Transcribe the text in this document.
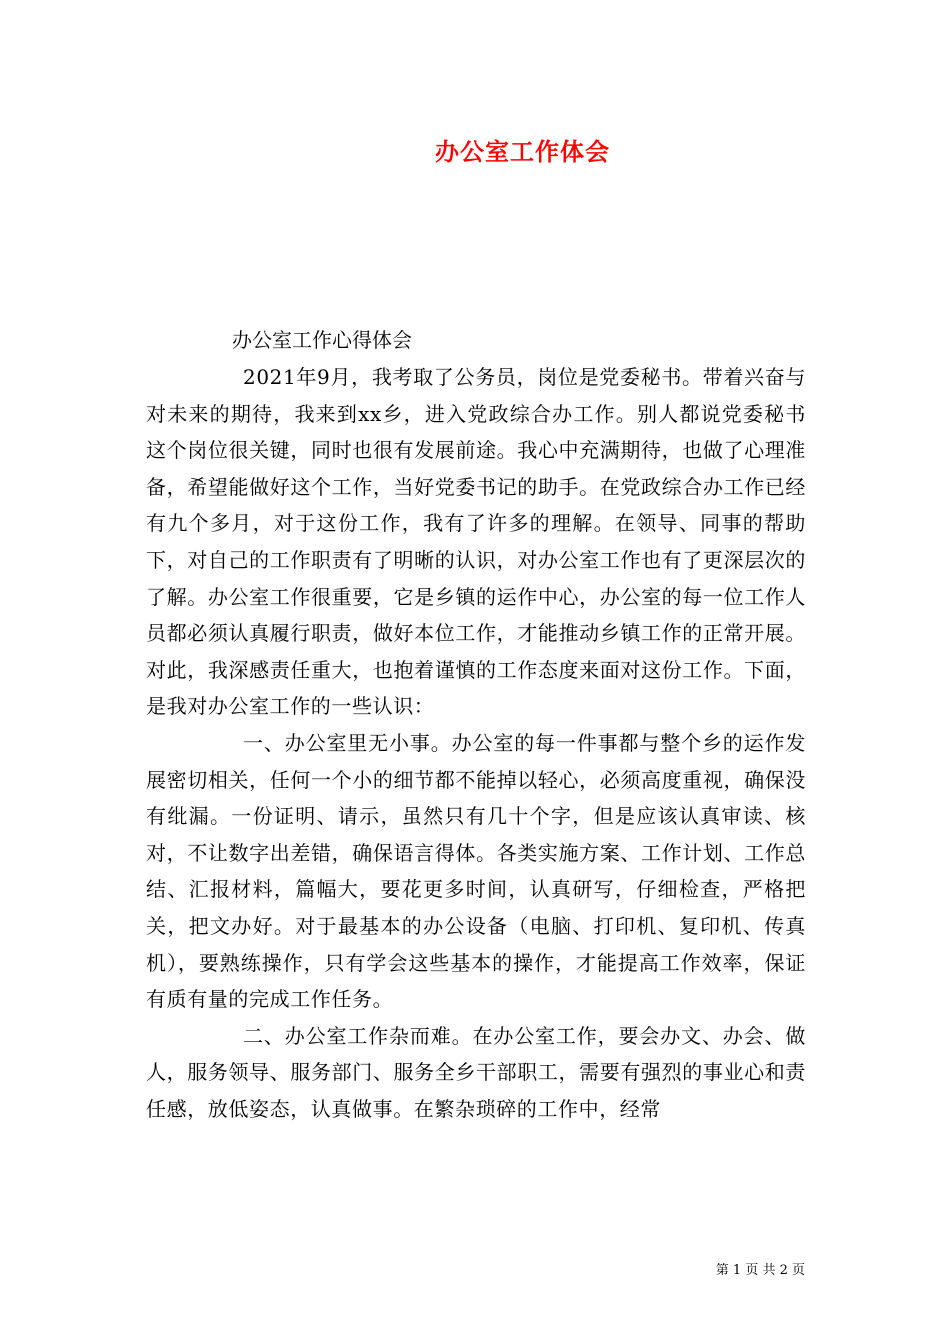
办公室工作体会
办公室工作心得体会

2021年9月，我考取了公务员，岗位是党委秘书。带着兴奋与对未来的期待，我来到xx乡，进入党政综合办工作。别人都说党委秘书这个岗位很关键，同时也很有发展前途。我心中充满期待，也做了心理准备，希望能做好这个工作，当好党委书记的助手。在党政综合办工作已经有九个多月，对于这份工作，我有了许多的理解。在领导、同事的帮助下，对自己的工作职责有了明晰的认识，对办公室工作也有了更深层次的了解。办公室工作很重要，它是乡镇的运作中心，办公室的每一位工作人员都必须认真履行职责，做好本位工作，才能推动乡镇工作的正常开展。对此，我深感责任重大，也抱着谨慎的工作态度来面对这份工作。下面，是我对办公室工作的一些认识：

一、办公室里无小事。办公室的每一件事都与整个乡的运作发展密切相关，任何一个小的细节都不能掉以轻心，必须高度重视，确保没有纰漏。一份证明、请示，虽然只有几十个字，但是应该认真审读、核对，不让数字出差错，确保语言得体。各类实施方案、工作计划、工作总结、汇报材料，篇幅大，要花更多时间，认真研写，仔细检查，严格把关，把文办好。对于最基本的办公设备（电脑、打印机、复印机、传真机），要熟练操作，只有学会这些基本的操作，才能提高工作效率，保证有质有量的完成工作任务。

二、办公室工作杂而难。在办公室工作，要会办文、办会、做人，服务领导、服务部门、服务全乡干部职工，需要有强烈的事业心和责任感，放低姿态，认真做事。在繁杂琐碎的工作中，经常

第 1 页 共 2 页
